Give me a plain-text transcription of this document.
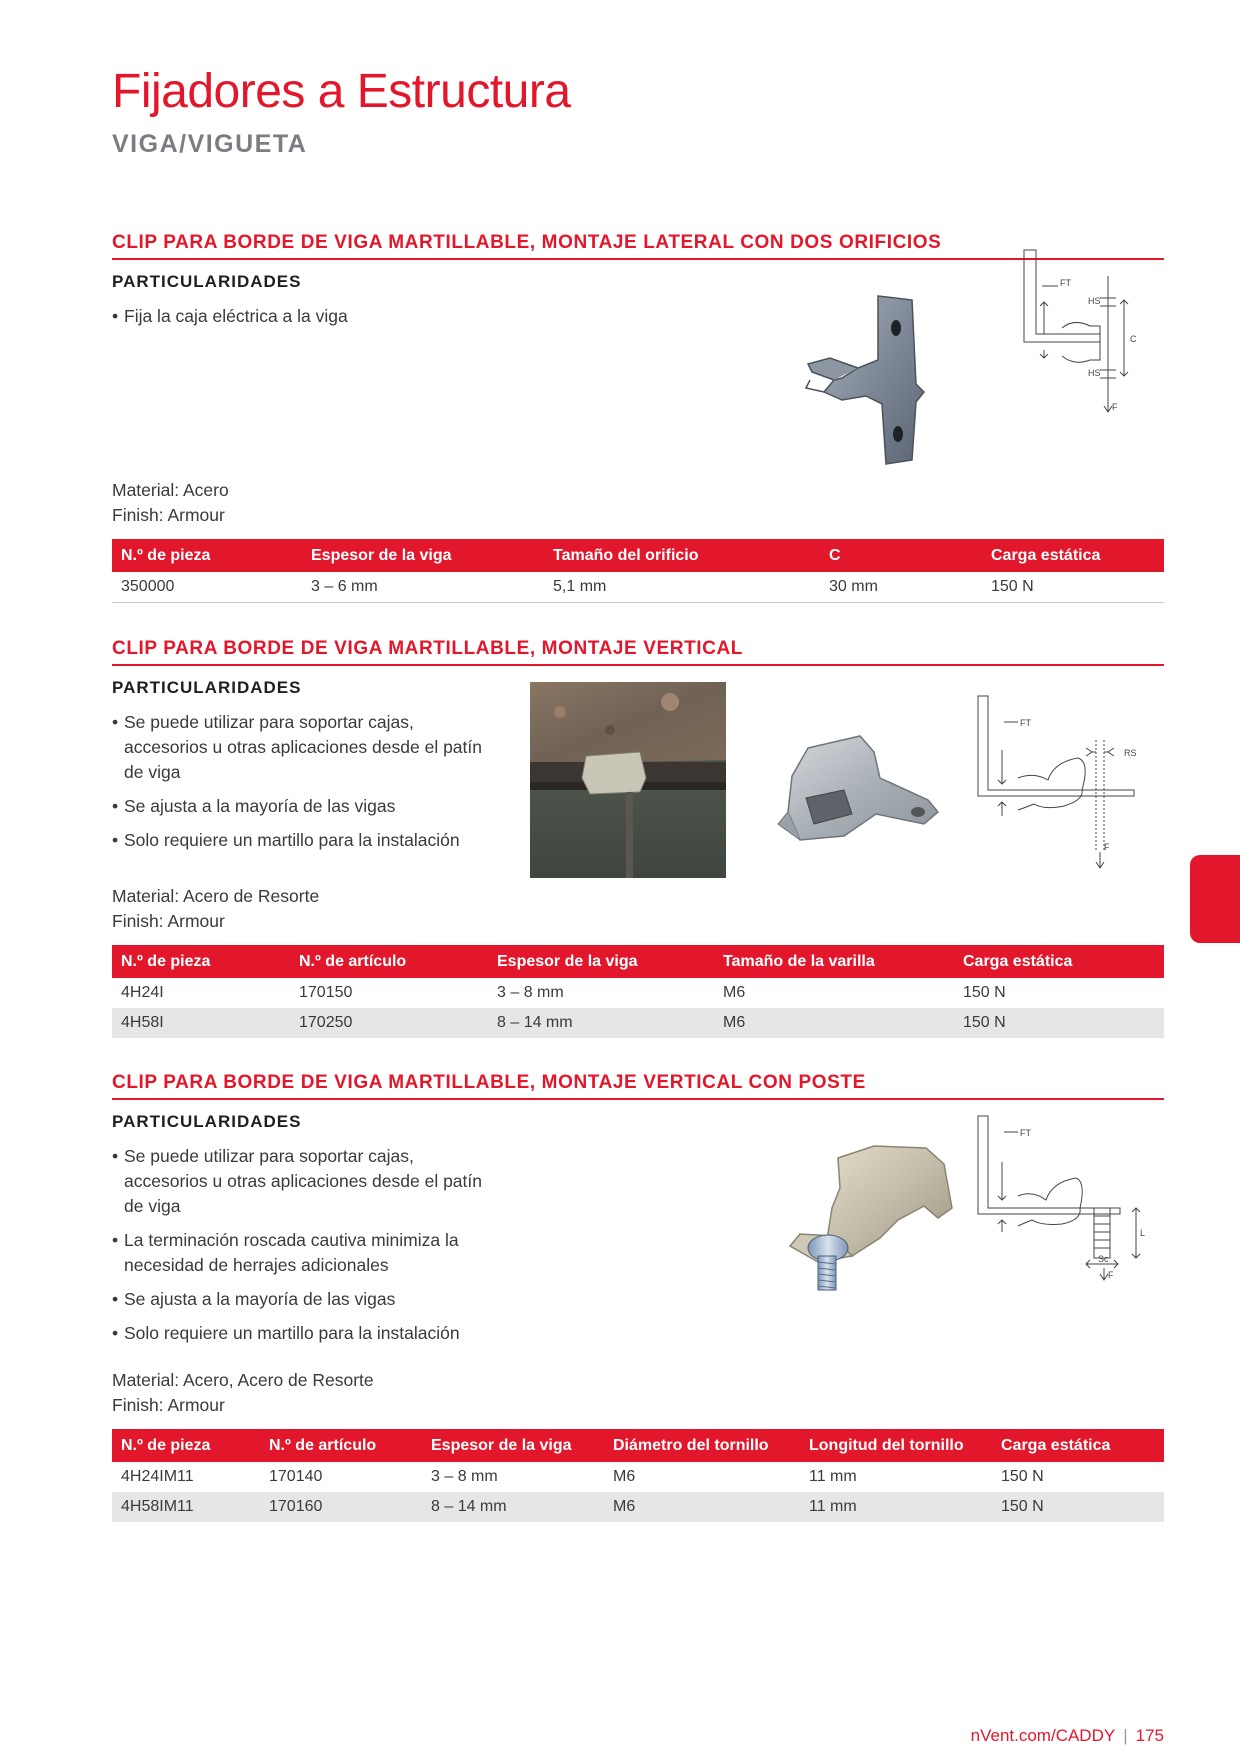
Fijadores a Estructura
VIGA/VIGUETA
CLIP PARA BORDE DE VIGA MARTILLABLE, MONTAJE LATERAL CON DOS ORIFICIOS
PARTICULARIDADES
• Fija la caja eléctrica a la viga
FT
HS
C
HS
F
Material: Acero
Finish: Armour
N.º de pieza	Espesor de la viga	Tamaño del orificio	C	Carga estática
350000	3 – 6 mm	5,1 mm	30 mm	150 N
CLIP PARA BORDE DE VIGA MARTILLABLE, MONTAJE VERTICAL
PARTICULARIDADES
• Se puede utilizar para soportar cajas, accesorios u otras aplicaciones desde el patín de viga
• Se ajusta a la mayoría de las vigas
• Solo requiere un martillo para la instalación
FT
RS
F
Material: Acero de Resorte
Finish: Armour
N.º de pieza	N.º de artículo	Espesor de la viga	Tamaño de la varilla	Carga estática
4H24I	170150	3 – 8 mm	M6	150 N
4H58I	170250	8 – 14 mm	M6	150 N
CLIP PARA BORDE DE VIGA MARTILLABLE, MONTAJE VERTICAL CON POSTE
PARTICULARIDADES
• Se puede utilizar para soportar cajas, accesorios u otras aplicaciones desde el patín de viga
• La terminación roscada cautiva minimiza la necesidad de herrajes adicionales
• Se ajusta a la mayoría de las vigas
• Solo requiere un martillo para la instalación
FT
L
Sc
F
Material: Acero, Acero de Resorte
Finish: Armour
N.º de pieza	N.º de artículo	Espesor de la viga	Diámetro del tornillo	Longitud del tornillo	Carga estática
4H24IM11	170140	3 – 8 mm	M6	11 mm	150 N
4H58IM11	170160	8 – 14 mm	M6	11 mm	150 N
nVent.com/CADDY | 175
